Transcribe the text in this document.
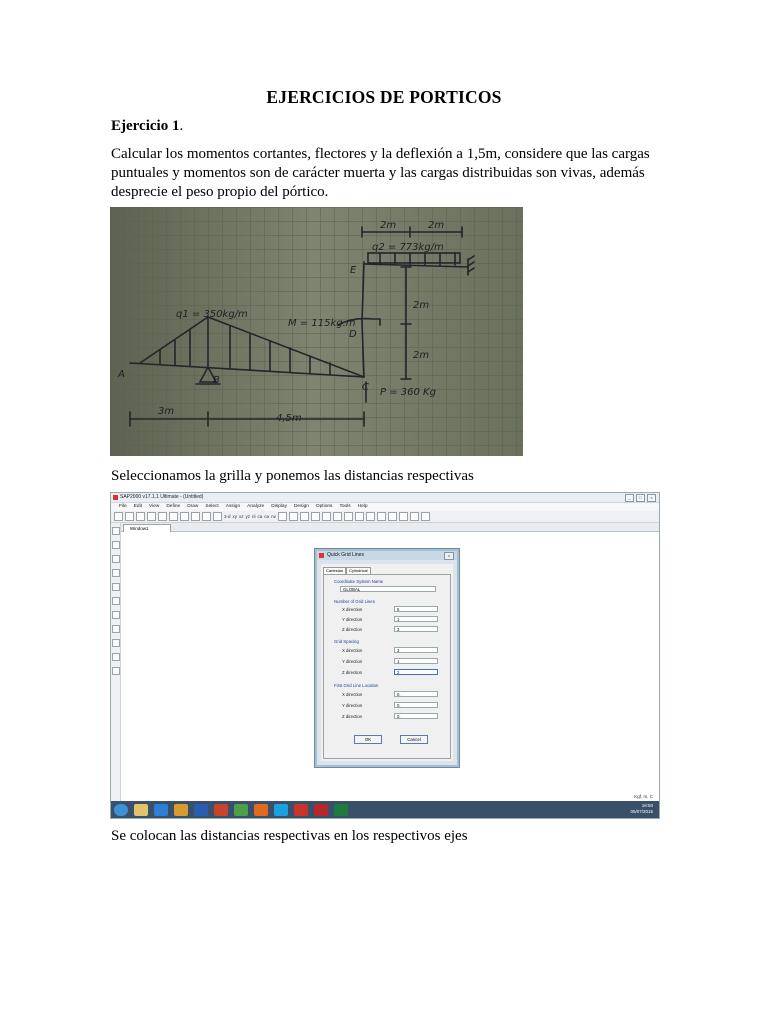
EJERCICIOS DE PORTICOS
Ejercicio 1.
Calcular los momentos cortantes, flectores y la deflexión a 1,5m, considere que las cargas puntuales y momentos son de carácter muerta y las cargas distribuidas son vivas, además desprecie el peso propio del pórtico.
2m	2m
q2 = 773kg/m
E
q1 = 350kg/m
M = 115kg.m
D
2m
2m
A
B
C P = 360 Kg
3m
4,5m
Seleccionamos la grilla y ponemos las distancias respectivas
SAP2000 v17.1.1 Ultimate - (Untitled)	_	□	×
File Edit View Define Draw Select Assign Analyze Display Design Options Tools Help
3-d xy xz yz nl ca ca nv
Window1
Quick Grid Lines	×
Cartesian	Cylindrical
Coordinate System Name
GLOBAL
Number of Grid Lines
X direction	5
Y direction	1
Z direction	3
Grid Spacing
X direction	3
Y direction	1
Z direction	2
First Grid Line Location
X direction	0.
Y direction	0.
Z direction	0.
OK	Cancel
Kgf, m, C
18:50
05/07/2015
Se colocan las distancias respectivas en los respectivos ejes
